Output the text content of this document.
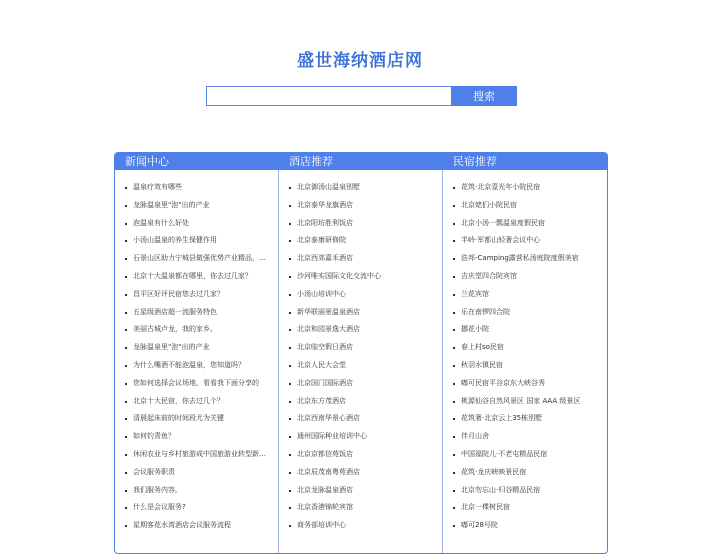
盛世海纳酒店网
搜索
新闻中心	酒店推荐	民宿推荐
温泉疗效有哪些
龙脉温泉里"泡"出的产业
泡温泉有什么好处
小汤山温泉的养生保健作用
石景山区助力宁城县做强优势产业精品，…
北京十大温泉都在哪里，你去过几家？
昌平区好评民宿您去过几家？
五星级酒店超一流服务特色
美丽古城卢龙，我的家乡。
龙脉温泉里"泡"出的产业
为什么嘴酒不能泡温泉，您知道吗？
您如何选择会议场地，看看我下面分享的
北京十大民宿，你去过几个？
清晨起床前的时间段尤为关键
如何钓青鱼？
休闲农业与乡村旅游成中国旅游业转型新…
会议服务职责
我们服务内容。
什么是会议服务?
星期客花水湾酒店会议服务流程
北京御汤山温泉别墅
北京泰华龙旗酒店
北京阳坊胜利饭店
北京泰康研修院
北京西郊嘉禾酒店
沙河唯实国际文化交流中心
小汤山培训中心
新华联丽景温泉酒店
北京和园景逸大酒店
北京临空假日酒店
北京人民大会堂
北京国门国际酒店
北京东方茂酒店
北京西南华景心酒店
通州国际种业培训中心
北京京都信苑饭店
北京辰茂南粤苑酒店
北京龙脉温泉酒店
北京香港锦轮宾馆
商务部培训中心
花筑·北京壹光年小院民宿
北京姥们小院民宿
北京小汤一瓢温泉度假民宿
半岭·军都山轻奢会议中心
浩邦-Camping露营私汤庭院度假美宿
吉庆堂四合院宾馆
兰花宾馆
乐在南锣四合院
挪花小院
春上村so民宿
秋羽水镇民宿
嘟可民宿平谷京东大峡谷秀
桃源仙谷自然风景区 国家 AAA 级景区
花筑奢·北京云上35栋别墅
伴月山舍
中国福院儿·不老屯精品民宿
花筑·龙庆峡映景民宿
北京勿忘山·归谷精品民宿
北京一棵树民宿
嘟可28号院
